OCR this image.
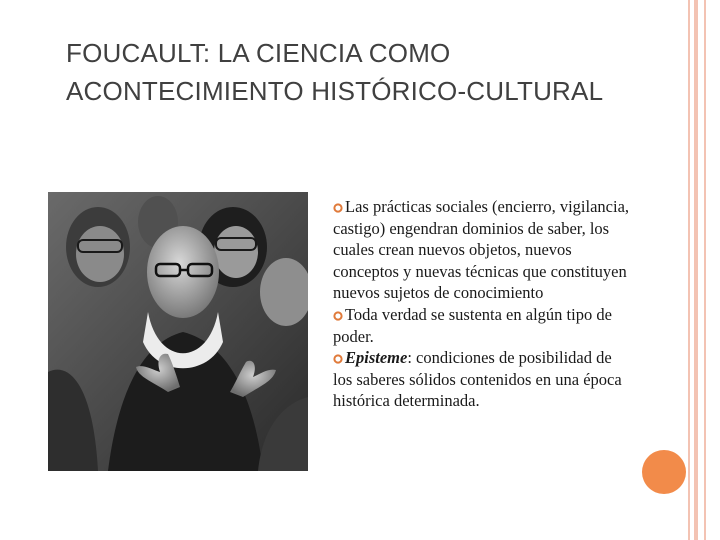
FOUCAULT: LA CIENCIA COMO ACONTECIMIENTO HISTÓRICO-CULTURAL

Las prácticas sociales (encierro, vigilancia, castigo) engendran dominios de saber, los cuales crean nuevos objetos, nuevos conceptos y nuevas técnicas que constituyen nuevos sujetos de conocimiento

Toda verdad se sustenta en algún tipo de poder.

Episteme: condiciones de posibilidad de los saberes sólidos contenidos en una época histórica determinada.
